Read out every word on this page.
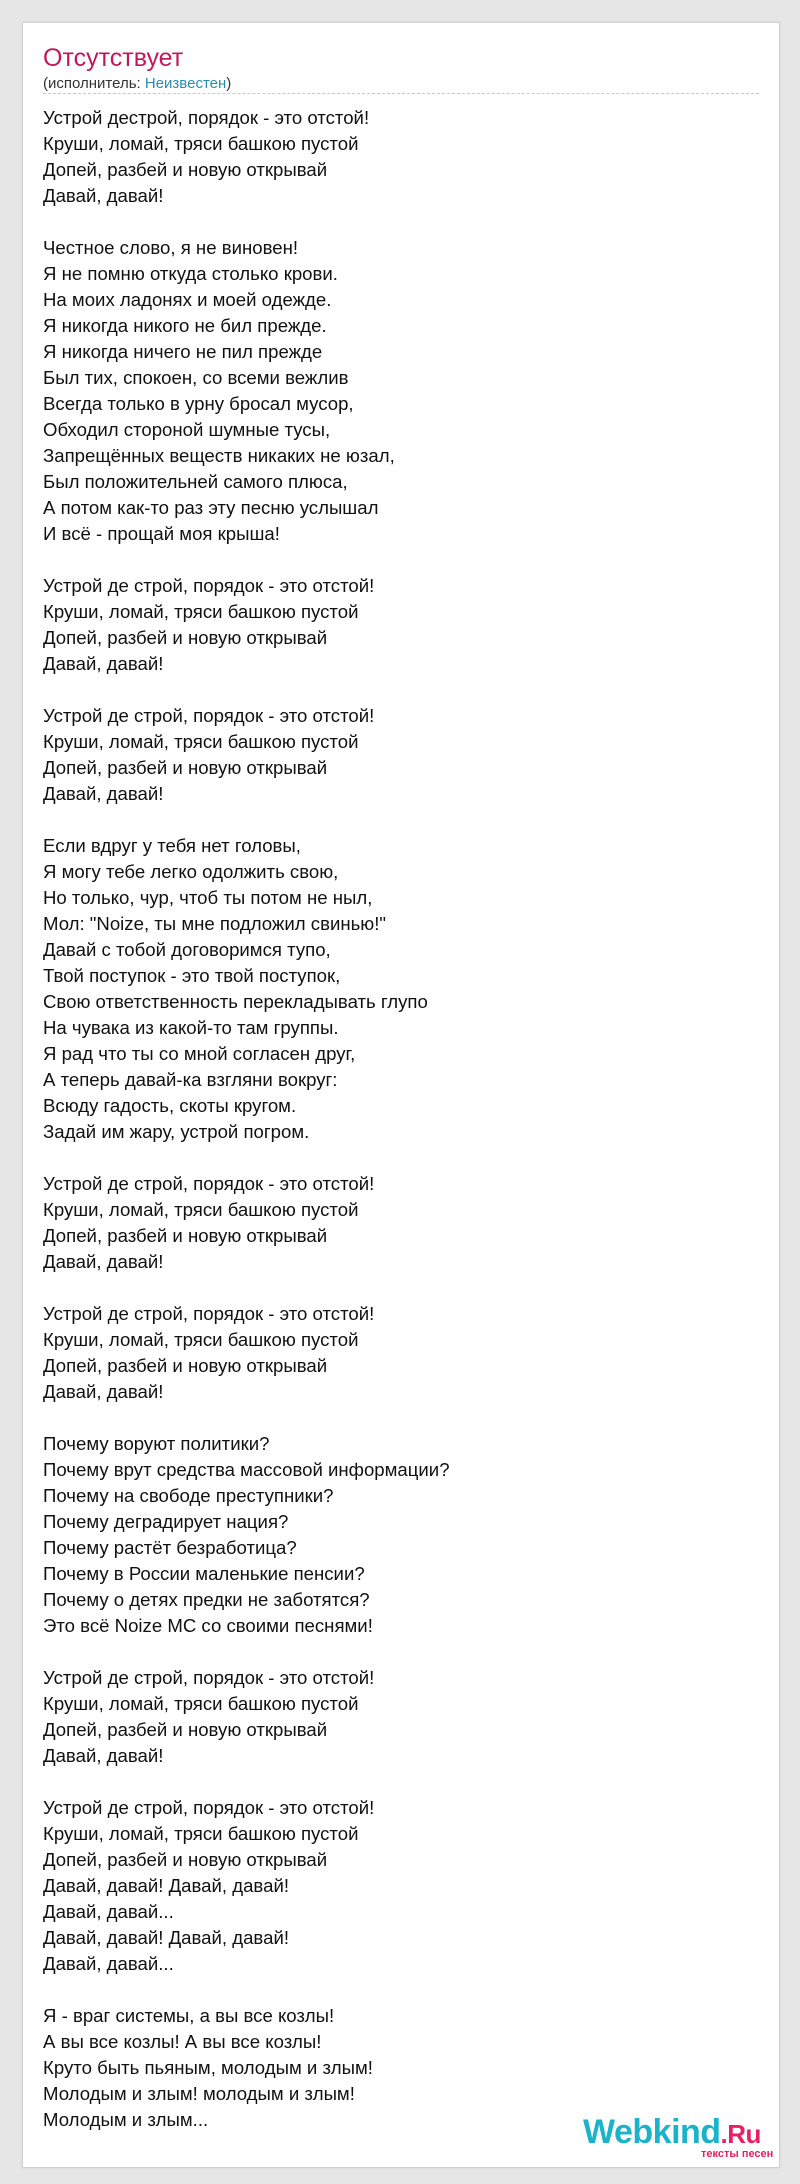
Отсутствует
(исполнитель: Неизвестен)
Устрой дестрой, порядок - это отстой!
Круши, ломай, тряси башкою пустой
Допей, разбей и новую открывай
Давай, давай!
Честное слово, я не виновен!
Я не помню откуда столько крови.
На моих ладонях и моей одежде.
Я никогда никого не бил прежде.
Я никогда ничего не пил прежде
Был тих, спокоен, со всеми вежлив
Всегда только в урну бросал мусор,
Обходил стороной шумные тусы,
Запрещённых веществ никаких не юзал,
Был положительней самого плюса,
А потом как-то раз эту песню услышал
И всё - прощай моя крыша!
Устрой де строй, порядок - это отстой!
Круши, ломай, тряси башкою пустой
Допей, разбей и новую открывай
Давай, давай!
Устрой де строй, порядок - это отстой!
Круши, ломай, тряси башкою пустой
Допей, разбей и новую открывай
Давай, давай!
Если вдруг у тебя нет головы,
Я могу тебе легко одолжить свою,
Но только, чур, чтоб ты потом не ныл,
Мол: "Noize, ты мне подложил свинью!"
Давай с тобой договоримся тупо,
Твой поступок - это твой поступок,
Свою ответственность перекладывать глупо
На чувака из какой-то там группы.
Я рад что ты со мной согласен друг,
А теперь давай-ка взгляни вокруг:
Всюду гадость, скоты кругом.
Задай им жару, устрой погром.
Устрой де строй, порядок - это отстой!
Круши, ломай, тряси башкою пустой
Допей, разбей и новую открывай
Давай, давай!
Устрой де строй, порядок - это отстой!
Круши, ломай, тряси башкою пустой
Допей, разбей и новую открывай
Давай, давай!
Почему воруют политики?
Почему врут средства массовой информации?
Почему на свободе преступники?
Почему деградирует нация?
Почему растёт безработица?
Почему в России маленькие пенсии?
Почему о детях предки не заботятся?
Это всё Noize MC со своими песнями!
Устрой де строй, порядок - это отстой!
Круши, ломай, тряси башкою пустой
Допей, разбей и новую открывай
Давай, давай!
Устрой де строй, порядок - это отстой!
Круши, ломай, тряси башкою пустой
Допей, разбей и новую открывай
Давай, давай! Давай, давай!
Давай, давай...
Давай, давай! Давай, давай!
Давай, давай...
Я - враг системы, а вы все козлы!
А вы все козлы! А вы все козлы!
Круто быть пьяным, молодым и злым!
Молодым и злым! молодым и злым!
Молодым и злым...	Webkind.Ru
тексты песен
